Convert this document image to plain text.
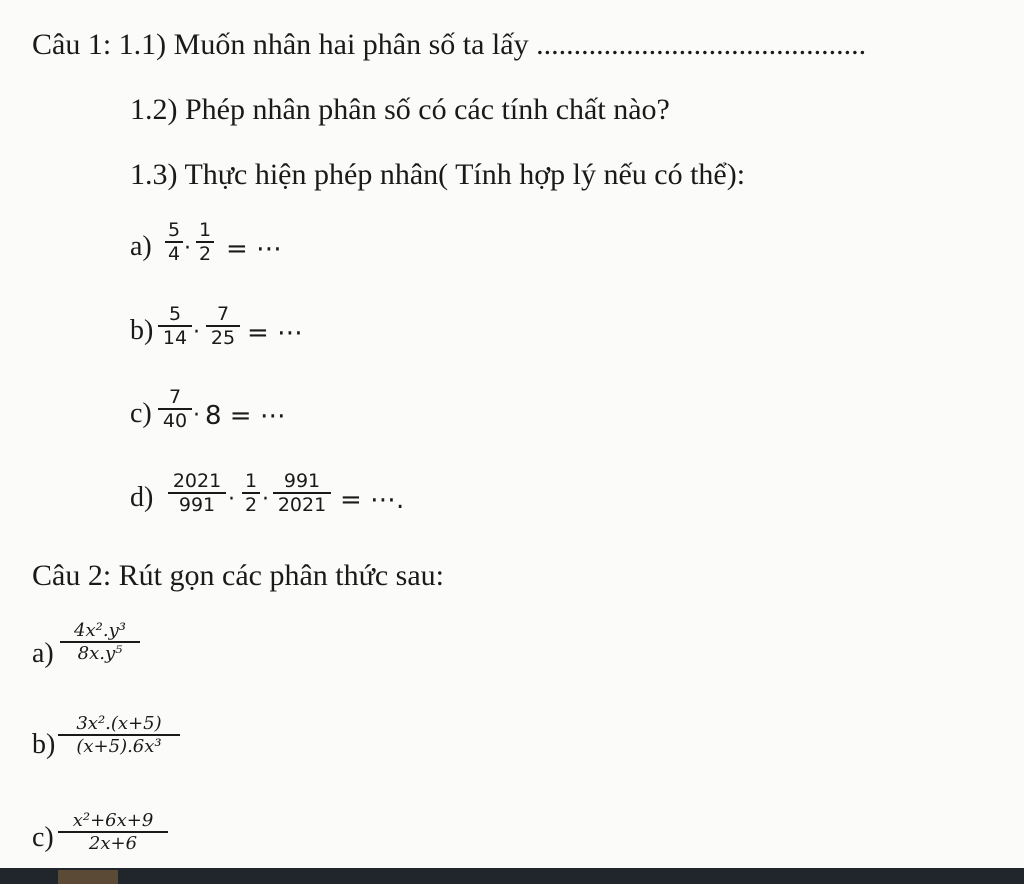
Câu 1: 1.1) Muốn nhân hai phân số ta lấy ............................................
1.2) Phép nhân phân số có các tính chất nào?
1.3) Thực hiện phép nhân( Tính hợp lý nếu có thể):
a)
5
4 ·
1
2 = ⋯
b)
5
14 ·
7
25 = ⋯
c)
7
40 · 8 = ⋯
d)
2021
991 ·
1
2 ·
991
2021 = ⋯.
Câu 2: Rút gọn các phân thức sau:
a)
4x².y³
8x.y⁵
b)
3x².(x+5)
(x+5).6x³
c)
x²+6x+9
2x+6
